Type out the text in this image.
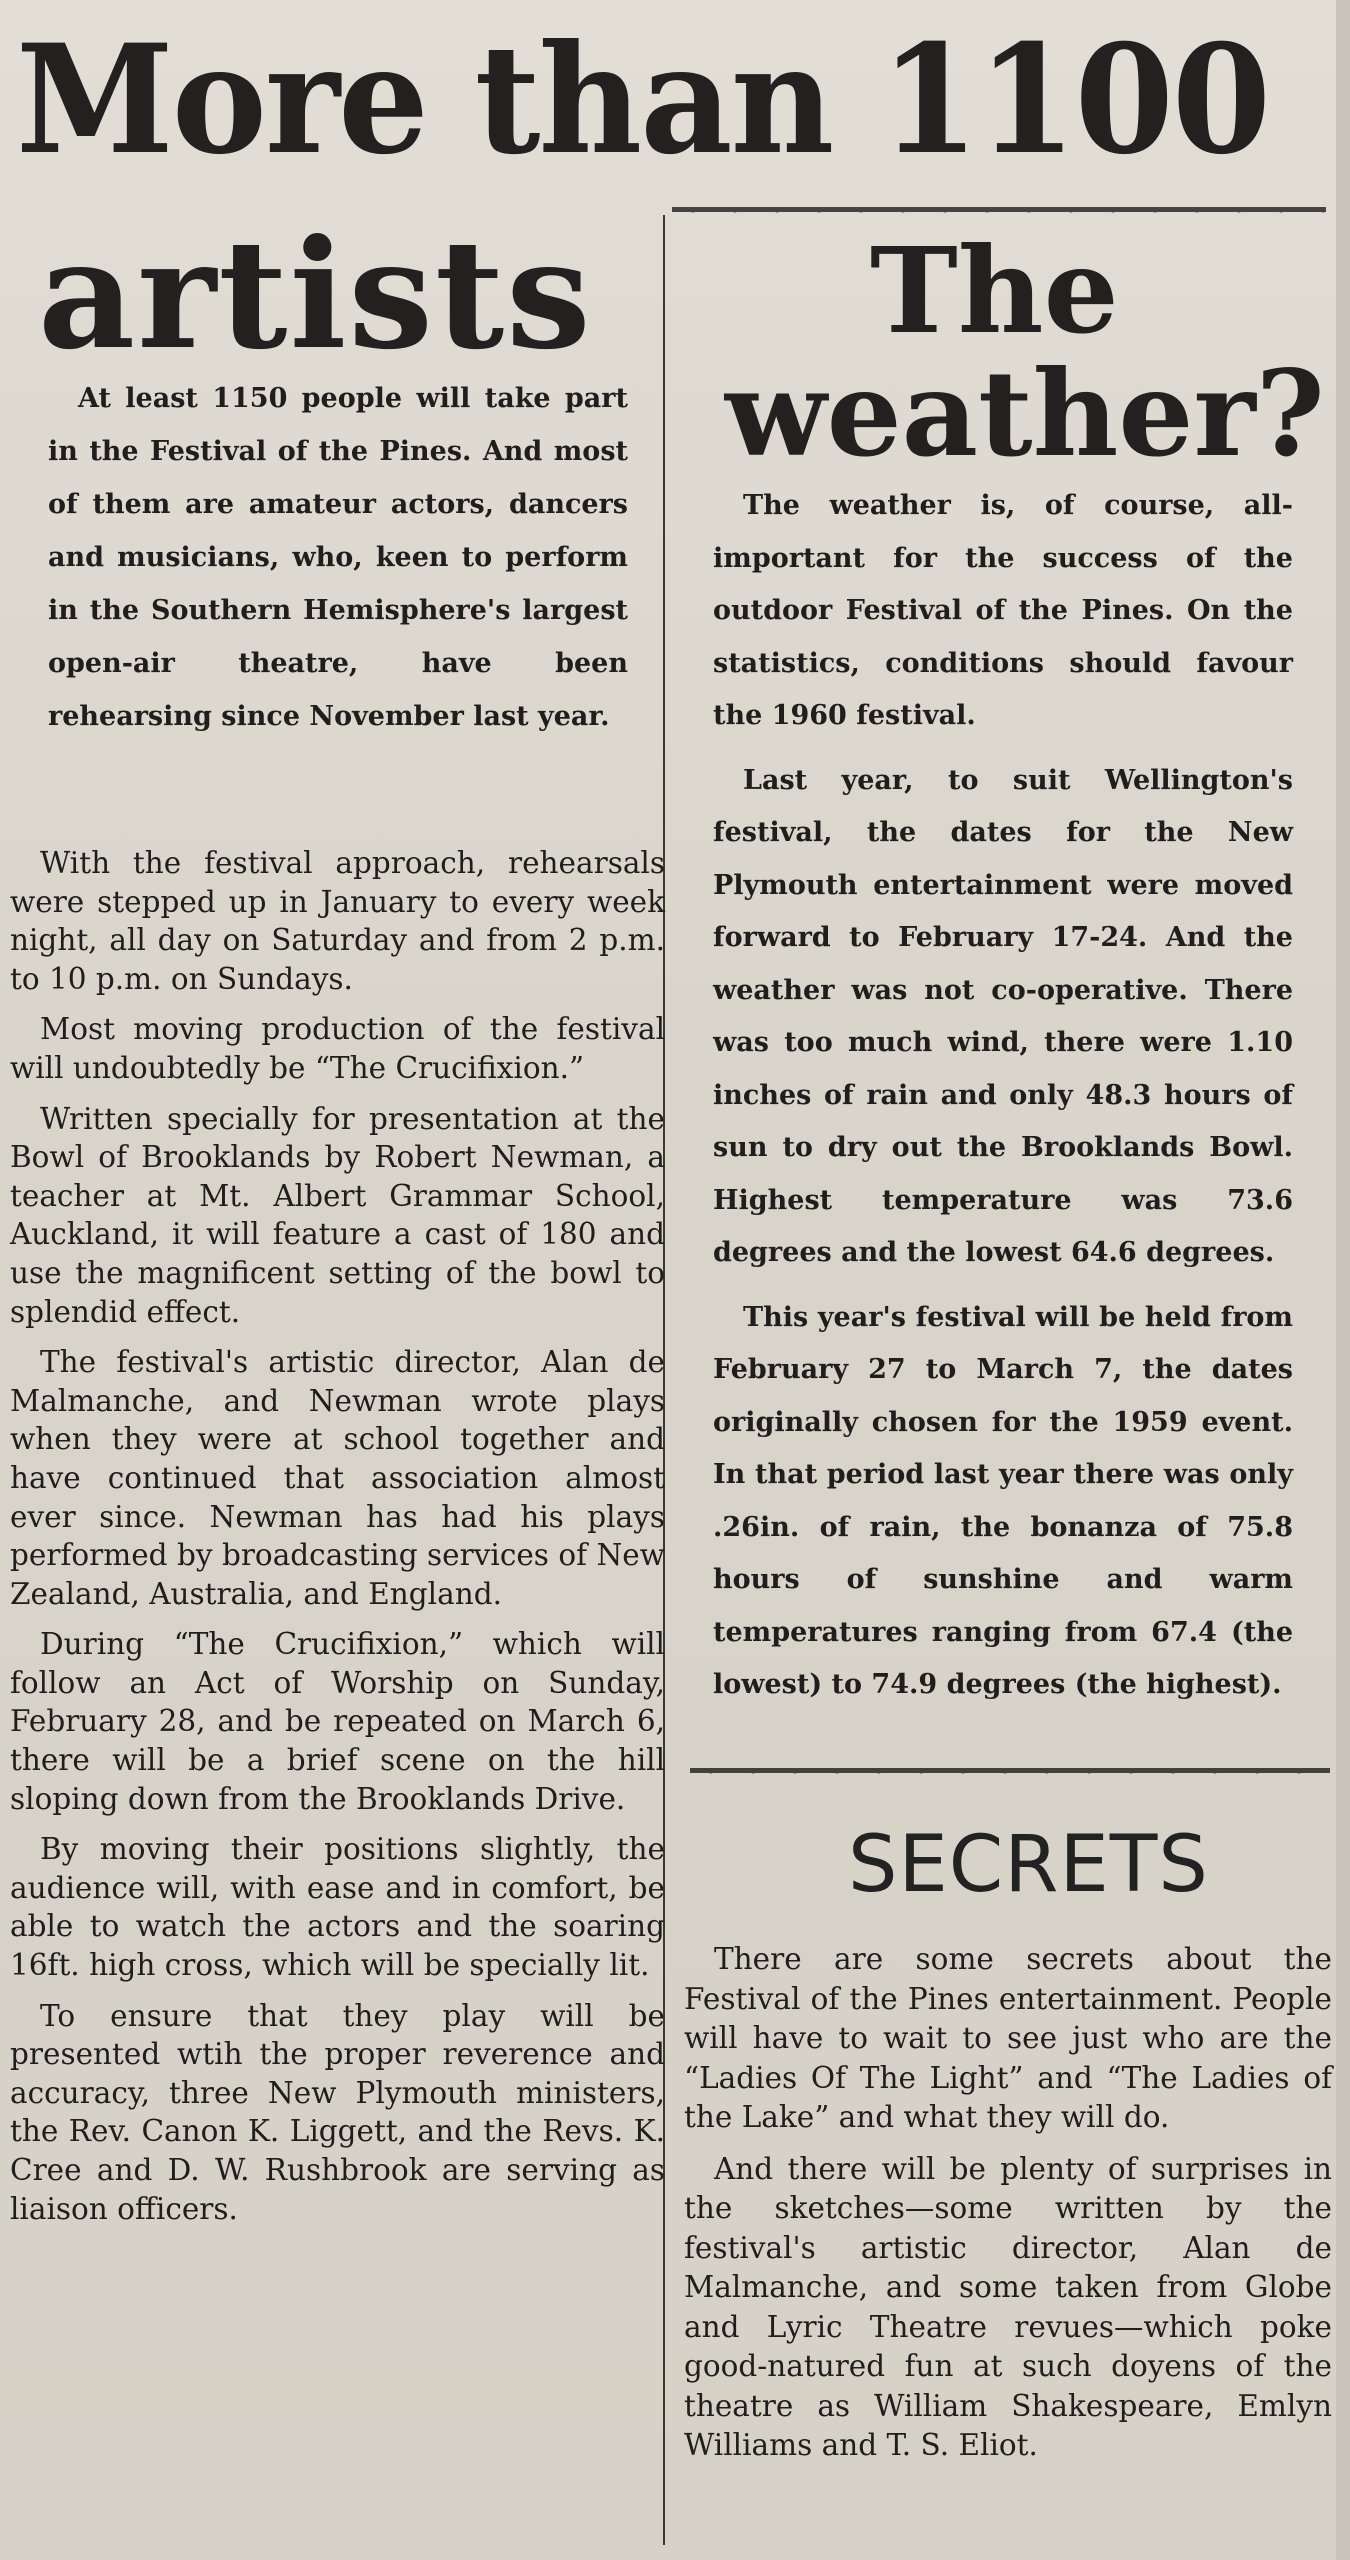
More than 1100
artists

At least 1150 people will take part in the Festival of the Pines. And most of them are amateur actors, dancers and musicians, who, keen to perform in the Southern Hemisphere's largest open-air theatre, have been rehearsing since November last year.

With the festival approach, rehearsals were stepped up in January to every week night, all day on Saturday and from 2 p.m. to 10 p.m. on Sundays.

Most moving production of the festival will undoubtedly be “The Crucifixion.”

Written specially for presentation at the Bowl of Brooklands by Robert Newman, a teacher at Mt. Albert Grammar School, Auckland, it will feature a cast of 180 and use the magnificent setting of the bowl to splendid effect.

The festival's artistic director, Alan de Malmanche, and Newman wrote plays when they were at school together and have continued that association almost ever since. Newman has had his plays performed by broadcasting services of New Zealand, Australia, and England.

During “The Crucifixion,” which will follow an Act of Worship on Sunday, February 28, and be repeated on March 6, there will be a brief scene on the hill sloping down from the Brooklands Drive.

By moving their positions slightly, the audience will, with ease and in comfort, be able to watch the actors and the soaring 16ft. high cross, which will be specially lit.

To ensure that they play will be presented wtih the proper reverence and accuracy, three New Plymouth ministers, the Rev. Canon K. Liggett, and the Revs. K. Cree and D. W. Rushbrook are serving as liaison officers.

The
weather?

The weather is, of course, all-important for the success of the outdoor Festival of the Pines. On the statistics, conditions should favour the 1960 festival.

Last year, to suit Wellington's festival, the dates for the New Plymouth entertainment were moved forward to February 17-24. And the weather was not co-operative. There was too much wind, there were 1.10 inches of rain and only 48.3 hours of sun to dry out the Brooklands Bowl. Highest temperature was 73.6 degrees and the lowest 64.6 degrees.

This year's festival will be held from February 27 to March 7, the dates originally chosen for the 1959 event. In that period last year there was only .26in. of rain, the bonanza of 75.8 hours of sunshine and warm temperatures ranging from 67.4 (the lowest) to 74.9 degrees (the highest).

SECRETS

There are some secrets about the Festival of the Pines entertainment. People will have to wait to see just who are the “Ladies Of The Light” and “The Ladies of the Lake” and what they will do.

And there will be plenty of surprises in the sketches—some written by the festival's artistic director, Alan de Malmanche, and some taken from Globe and Lyric Theatre revues—which poke good-natured fun at such doyens of the theatre as William Shakespeare, Emlyn Williams and T. S. Eliot.
